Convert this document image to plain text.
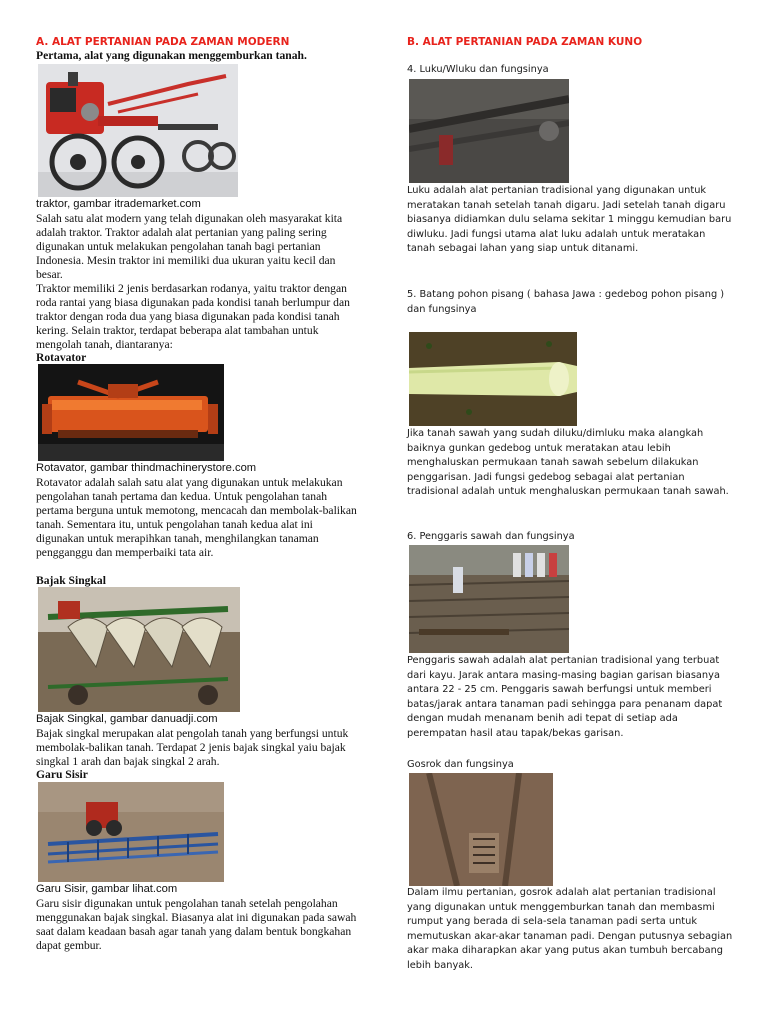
A. ALAT PERTANIAN PADA ZAMAN MODERN
Pertama, alat yang digunakan menggemburkan tanah.
traktor, gambar itrademarket.com

Salah satu alat modern yang telah digunakan oleh masyarakat kita adalah traktor. Traktor adalah alat pertanian yang paling sering digunakan untuk melakukan pengolahan tanah bagi pertanian Indonesia. Mesin traktor ini memiliki dua ukuran yaitu kecil dan besar.
Traktor memiliki 2 jenis berdasarkan rodanya, yaitu traktor dengan roda rantai yang biasa digunakan pada kondisi tanah berlumpur dan traktor dengan roda dua yang biasa digunakan pada kondisi tanah kering. Selain traktor, terdapat beberapa alat tambahan untuk mengolah tanah, diantaranya:

Rotavator
Rotavator, gambar thindmachinerystore.com

Rotavator adalah salah satu alat yang digunakan untuk melakukan pengolahan tanah pertama dan kedua. Untuk pengolahan tanah pertama berguna untuk memotong, mencacah dan membolak-balikan tanah. Sementara itu, untuk pengolahan tanah kedua alat ini digunakan untuk merapihkan tanah, menghilangkan tanaman pengganggu dan memperbaiki tata air.

Bajak Singkal
Bajak Singkal, gambar danuadji.com

Bajak singkal merupakan alat pengolah tanah yang berfungsi untuk membolak-balikan tanah. Terdapat 2 jenis bajak singkal yaiu bajak singkal 1 arah dan bajak singkal 2 arah.

Garu Sisir
Garu Sisir, gambar lihat.com

Garu sisir digunakan untuk pengolahan tanah setelah pengolahan menggunakan bajak singkal. Biasanya alat ini digunakan pada sawah saat dalam keadaan basah agar tanah yang dalam bentuk bongkahan dapat gembur.

B. ALAT PERTANIAN PADA ZAMAN KUNO
4. Luku/Wluku dan fungsinya

Luku adalah alat pertanian tradisional yang digunakan untuk meratakan tanah setelah tanah digaru. Jadi setelah tanah digaru biasanya didiamkan dulu selama sekitar 1 minggu kemudian baru diwluku. Jadi fungsi utama alat luku adalah untuk meratakan tanah sebagai lahan yang siap untuk ditanami.

5. Batang pohon pisang ( bahasa Jawa : gedebog pohon pisang ) dan fungsinya

Jika tanah sawah yang sudah diluku/dimluku maka alangkah baiknya gunkan gedebog untuk meratakan atau lebih menghaluskan permukaan tanah sawah sebelum dilakukan penggarisan. Jadi fungsi gedebog sebagai alat pertanian tradisional adalah untuk menghaluskan permukaan tanah sawah.

6. Penggaris sawah dan fungsinya

Penggaris sawah adalah alat pertanian tradisional yang terbuat dari kayu. Jarak antara masing-masing bagian garisan biasanya antara 22 - 25 cm. Penggaris sawah berfungsi untuk memberi batas/jarak antara tanaman padi sehingga para penanam dapat dengan mudah menanam benih adi tepat di setiap ada perempatan hasil atau tapak/bekas garisan.

Gosrok dan fungsinya

Dalam ilmu pertanian, gosrok adalah alat pertanian tradisional yang digunakan untuk menggemburkan tanah dan membasmi rumput yang berada di sela-sela tanaman padi serta untuk memutuskan akar-akar tanaman padi. Dengan putusnya sebagian akar maka diharapkan akar yang putus akan tumbuh bercabang lebih banyak.
